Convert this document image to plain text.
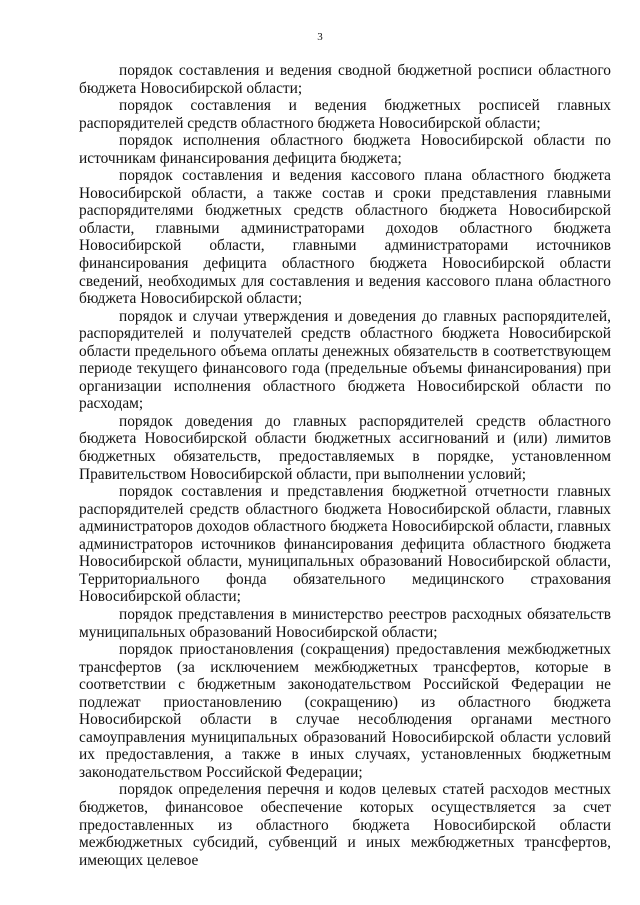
3

порядок составления и ведения сводной бюджетной росписи областного бюджета Новосибирской области;

порядок составления и ведения бюджетных росписей главных распорядителей средств областного бюджета Новосибирской области;

порядок исполнения областного бюджета Новосибирской области по источникам финансирования дефицита бюджета;

порядок составления и ведения кассового плана областного бюджета Новосибирской области, а также состав и сроки представления главными распорядителями бюджетных средств областного бюджета Новосибирской области, главными администраторами доходов областного бюджета Новосибирской области, главными администраторами источников финансирования дефицита областного бюджета Новосибирской области сведений, необходимых для составления и ведения кассового плана областного бюджета Новосибирской области;

порядок и случаи утверждения и доведения до главных распорядителей, распорядителей и получателей средств областного бюджета Новосибирской области предельного объема оплаты денежных обязательств в соответствующем периоде текущего финансового года (предельные объемы финансирования) при организации исполнения областного бюджета Новосибирской области по расходам;

порядок доведения до главных распорядителей средств областного бюджета Новосибирской области бюджетных ассигнований и (или) лимитов бюджетных обязательств, предоставляемых в порядке, установленном Правительством Новосибирской области, при выполнении условий;

порядок составления и представления бюджетной отчетности главных распорядителей средств областного бюджета Новосибирской области, главных администраторов доходов областного бюджета Новосибирской области, главных администраторов источников финансирования дефицита областного бюджета Новосибирской области, муниципальных образований Новосибирской области, Территориального фонда обязательного медицинского страхования Новосибирской области;

порядок представления в министерство реестров расходных обязательств муниципальных образований Новосибирской области;

порядок приостановления (сокращения) предоставления межбюджетных трансфертов (за исключением межбюджетных трансфертов, которые в соответствии с бюджетным законодательством Российской Федерации не подлежат приостановлению (сокращению) из областного бюджета Новосибирской области в случае несоблюдения органами местного самоуправления муниципальных образований Новосибирской области условий их предоставления, а также в иных случаях, установленных бюджетным законодательством Российской Федерации;

порядок определения перечня и кодов целевых статей расходов местных бюджетов, финансовое обеспечение которых осуществляется за счет предоставленных из областного бюджета Новосибирской области межбюджетных субсидий, субвенций и иных межбюджетных трансфертов, имеющих целевое
